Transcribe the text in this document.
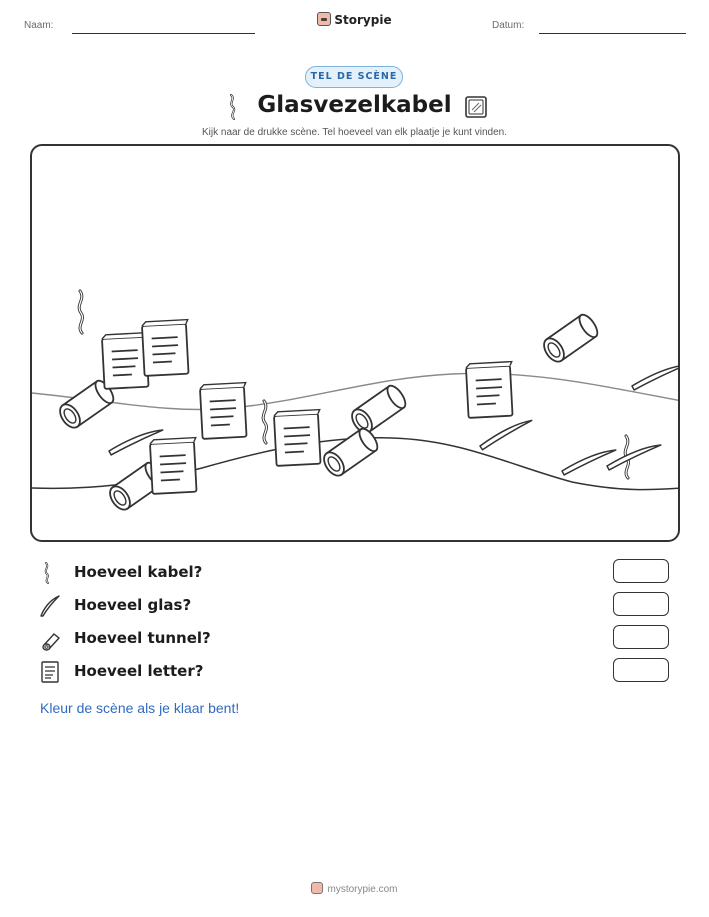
Naam:	Storypie	Datum:
TEL DE SCÈNE
Glasvezelkabel
Kijk naar de drukke scène. Tel hoeveel van elk plaatje je kunt vinden.
Hoeveel kabel?
Hoeveel glas?
Hoeveel tunnel?
Hoeveel letter?
Kleur de scène als je klaar bent!
mystorypie.com
